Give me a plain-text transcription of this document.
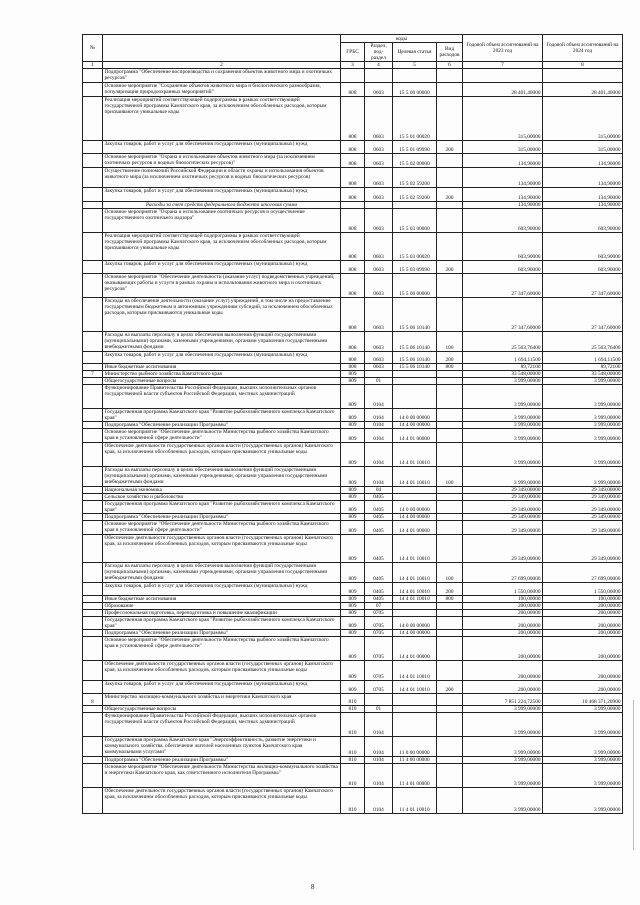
№		коды				Годовой объем ассигнований на 2023 год	Годовой объем ассигнований на 2024 год
		ГРБС	Раздел, под-раздел	Целевая статья	Вид расходов		
1	2	3	4	5	6	7	8
	Подпрограмма "Обеспечение воспроизводства и сохранения объектов животного мира и охотничьих ресурсов"						
	Основное мероприятие "Сохранение объектов животного мира и биологического разнообразия, популяризация природоохранных мероприятий"	808	0603	15 5 00 00000		28 401,40000	28 401,40000
	Реализация мероприятий соответствующей подпрограммы в рамках соответствующей государственной программы Камчатского края, за исключением обособленных расходов, которым присваиваются уникальные коды	808	0603	15 5 01 00020		315,00000	315,00000
	Закупка товаров, работ и услуг для обеспечения государственных (муниципальных) нужд	808	0603	15 5 01 09990	200	315,00000	315,00000
	Основное мероприятие "Охрана и использование объектов животного мира (за исключением охотничьих ресурсов и водных биологических ресурсов)"	808	0603	15 5 02 00000		134,90000	134,90000
	Осуществление полномочий Российской Федерации в области охраны и использования объектов животного мира (за исключением охотничьих ресурсов и водных биологических ресурсов)	808	0603	15 5 02 59200		134,90000	134,90000
	Закупка товаров, работ и услуг для обеспечения государственных (муниципальных) нужд	808	0603	15 5 02 59200	200	134,90000	134,90000
	Расходы за счет средств федерального бюджета итоговая сумма					134,90000	134,90000
	Основное мероприятие "Охрана и использование охотничьих ресурсов и осуществление государственного охотничьего надзора"	808	0603	15 5 03 00000		603,90000	603,90000
	Реализация мероприятий соответствующей подпрограммы в рамках соответствующей государственной программы Камчатского края, за исключением обособленных расходов, которым присваиваются уникальные коды	808	0603	15 5 03 00020		603,90000	603,90000
	Закупка товаров, работ и услуг для обеспечения государственных (муниципальных) нужд	808	0603	15 5 03 09990	200	603,90000	603,90000
	Основное мероприятие "Обеспечение деятельности (оказание услуг) подведомственных учреждений, оказывающих работы и услуги в рамках охраны и использования животного мира и охотничьих ресурсов"	808	0603	15 5 06 00000		27 347,60000	27 347,60000
	Расходы на обеспечение деятельности (оказание услуг) учреждений, в том числе на предоставление государственным бюджетным и автономным учреждениям субсидий, за исключением обособленных расходов, которым присваиваются уникальные коды	808	0603	15 5 06 10140		27 347,60000	27 347,60000
	Расходы на выплаты персоналу в целях обеспечения выполнения функций государственными (муниципальными) органами, казенными учреждениями, органами управления государственными внебюджетными фондами	808	0603	15 5 06 10140	100	25 563,76400	25 563,76400
	Закупка товаров, работ и услуг для обеспечения государственных (муниципальных) нужд	808	0603	15 5 06 10140	200	1 694,11500	1 694,11500
	Иные бюджетные ассигнования	808	0603	15 5 06 10140	800	89,72100	89,72100
7	Министерство рыбного хозяйства Камчатского края	809				33 548,00000	33 548,00000
	Общегосударственные вопросы	809	01			3 999,00000	3 999,00000
	Функционирование Правительства Российской Федерации, высших исполнительных органов государственной власти субъектов Российской Федерации, местных администраций	809	0104			3 999,00000	3 999,00000
	Государственная программа Камчатского края "Развитие рыбохозяйственного комплекса Камчатского края"	809	0104	14 0 00 00000		3 999,00000	3 999,00000
	Подпрограмма "Обеспечение реализации Программы"	809	0104	14 4 00 00000		3 999,00000	3 999,00000
	Основное мероприятие "Обеспечение деятельности Министерства рыбного хозяйства Камчатского края в установленной сфере деятельности"	809	0104	14 4 01 00000		3 999,00000	3 999,00000
	Обеспечение деятельности государственных органов власти (государственных органов) Камчатского края, за исключением обособленных расходов, которым присваиваются уникальные коды	809	0104	14 4 01 10010		3 999,00000	3 999,00000
	Расходы на выплаты персоналу в целях обеспечения выполнения функций государственными (муниципальными) органами, казенными учреждениями, органами управления государственными внебюджетными фондами	809	0104	14 4 01 10010	100	3 999,00000	3 999,00000
	Национальная экономика	809	04			29 349,00000	29 349,00000
	Сельское хозяйство и рыболовство	809	0405			29 349,00000	29 349,00000
	Государственная программа Камчатского края "Развитие рыбохозяйственного комплекса Камчатского края"	809	0405	14 0 00 00000		29 349,00000	29 349,00000
	Подпрограмма "Обеспечение реализации Программы"	809	0405	14 4 00 00000		29 349,00000	29 349,00000
	Основное мероприятие "Обеспечение деятельности Министерства рыбного хозяйства Камчатского края в установленной сфере деятельности"	809	0405	14 4 01 00000		29 349,00000	29 349,00000
	Обеспечение деятельности государственных органов власти (государственных органов) Камчатского края, за исключением обособленных расходов, которым присваиваются уникальные коды	809	0405	14 4 01 10010		29 349,00000	29 349,00000
	Расходы на выплаты персоналу в целях обеспечения выполнения функций государственными (муниципальными) органами, казенными учреждениями, органами управления государственными внебюджетными фондами	809	0405	14 4 01 10010	100	27 699,00000	27 699,00000
	Закупка товаров, работ и услуг для обеспечения государственных (муниципальных) нужд	809	0405	14 4 01 10010	200	1 550,00000	1 550,00000
	Иные бюджетные ассигнования	809	0405	14 4 01 10010	800	100,00000	100,00000
	Образование	809	07			200,00000	200,00000
	Профессиональная подготовка, переподготовка и повышение квалификации	809	0705			200,00000	200,00000
	Государственная программа Камчатского края "Развитие рыбохозяйственного комплекса Камчатского края"	809	0705	14 0 00 00000		200,00000	200,00000
	Подпрограмма "Обеспечение реализации Программы"	809	0705	14 4 00 00000		200,00000	200,00000
	Основное мероприятие "Обеспечение деятельности Министерства рыбного хозяйства Камчатского края в установленной сфере деятельности"	809	0705	14 4 01 00000		200,00000	200,00000
	Обеспечение деятельности государственных органов власти (государственных органов) Камчатского края, за исключением обособленных расходов, которым присваиваются уникальные коды	809	0705	14 4 01 10010		200,00000	200,00000
	Закупка товаров, работ и услуг для обеспечения государственных (муниципальных) нужд	809	0705	14 4 01 10010	200	200,00000	200,00000
8	Министерство жилищно-коммунального хозяйства и энергетики Камчатского края	810				7 851 224,72500	10 468 371,20900
	Общегосударственные вопросы	810	01			3 999,00000	3 999,00000
	Функционирование Правительства Российской Федерации, высших исполнительных органов государственной власти субъектов Российской Федерации, местных администраций	810	0104			3 999,00000	3 999,00000
	Государственная программа Камчатского края "Энергоэффективность, развитие энергетики и коммунального хозяйства, обеспечение жителей населенных пунктов Камчатского края коммунальными услугами"	810	0104	11 0 00 00000		3 999,00000	3 999,00000
	Подпрограмма "Обеспечение реализации Программы"	810	0104	11 4 00 00000		3 999,00000	3 999,00000
	Основное мероприятие "Обеспечение деятельности Министерства жилищно-коммунального хозяйства и энергетики Камчатского края, как ответственного исполнителя Программы"	810	0104	11 4 01 00000		3 999,00000	3 999,00000
	Обеспечение деятельности государственных органов власти (государственных органов) Камчатского края, за исключением обособленных расходов, которым присваиваются уникальные коды	810	0104	11 4 01 10010		3 999,00000	3 999,00000
8
